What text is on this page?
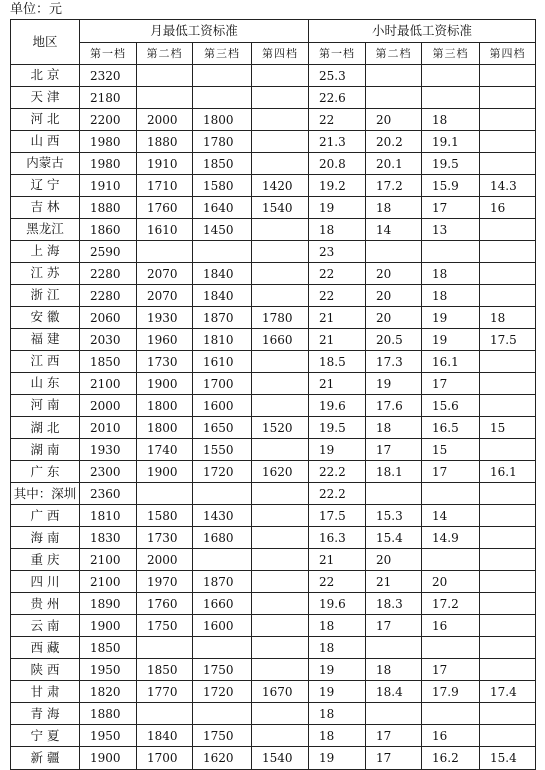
单位：元
地区	月最低工资标准				小时最低工资标准			
	第一档	第二档	第三档	第四档	第一档	第二档	第三档	第四档
北 京	2320				25.3			
天 津	2180				22.6			
河 北	2200	2000	1800		22	20	18	
山 西	1980	1880	1780		21.3	20.2	19.1	
内蒙古	1980	1910	1850		20.8	20.1	19.5	
辽 宁	1910	1710	1580	1420	19.2	17.2	15.9	14.3
吉 林	1880	1760	1640	1540	19	18	17	16
黑龙江	1860	1610	1450		18	14	13	
上 海	2590				23			
江 苏	2280	2070	1840		22	20	18	
浙 江	2280	2070	1840		22	20	18	
安 徽	2060	1930	1870	1780	21	20	19	18
福 建	2030	1960	1810	1660	21	20.5	19	17.5
江 西	1850	1730	1610		18.5	17.3	16.1	
山 东	2100	1900	1700		21	19	17	
河 南	2000	1800	1600		19.6	17.6	15.6	
湖 北	2010	1800	1650	1520	19.5	18	16.5	15
湖 南	1930	1740	1550		19	17	15	
广 东	2300	1900	1720	1620	22.2	18.1	17	16.1
其中：深圳	2360				22.2			
广 西	1810	1580	1430		17.5	15.3	14	
海 南	1830	1730	1680		16.3	15.4	14.9	
重 庆	2100	2000			21	20		
四 川	2100	1970	1870		22	21	20	
贵 州	1890	1760	1660		19.6	18.3	17.2	
云 南	1900	1750	1600		18	17	16	
西 藏	1850				18			
陕 西	1950	1850	1750		19	18	17	
甘 肃	1820	1770	1720	1670	19	18.4	17.9	17.4
青 海	1880				18			
宁 夏	1950	1840	1750		18	17	16	
新 疆	1900	1700	1620	1540	19	17	16.2	15.4
